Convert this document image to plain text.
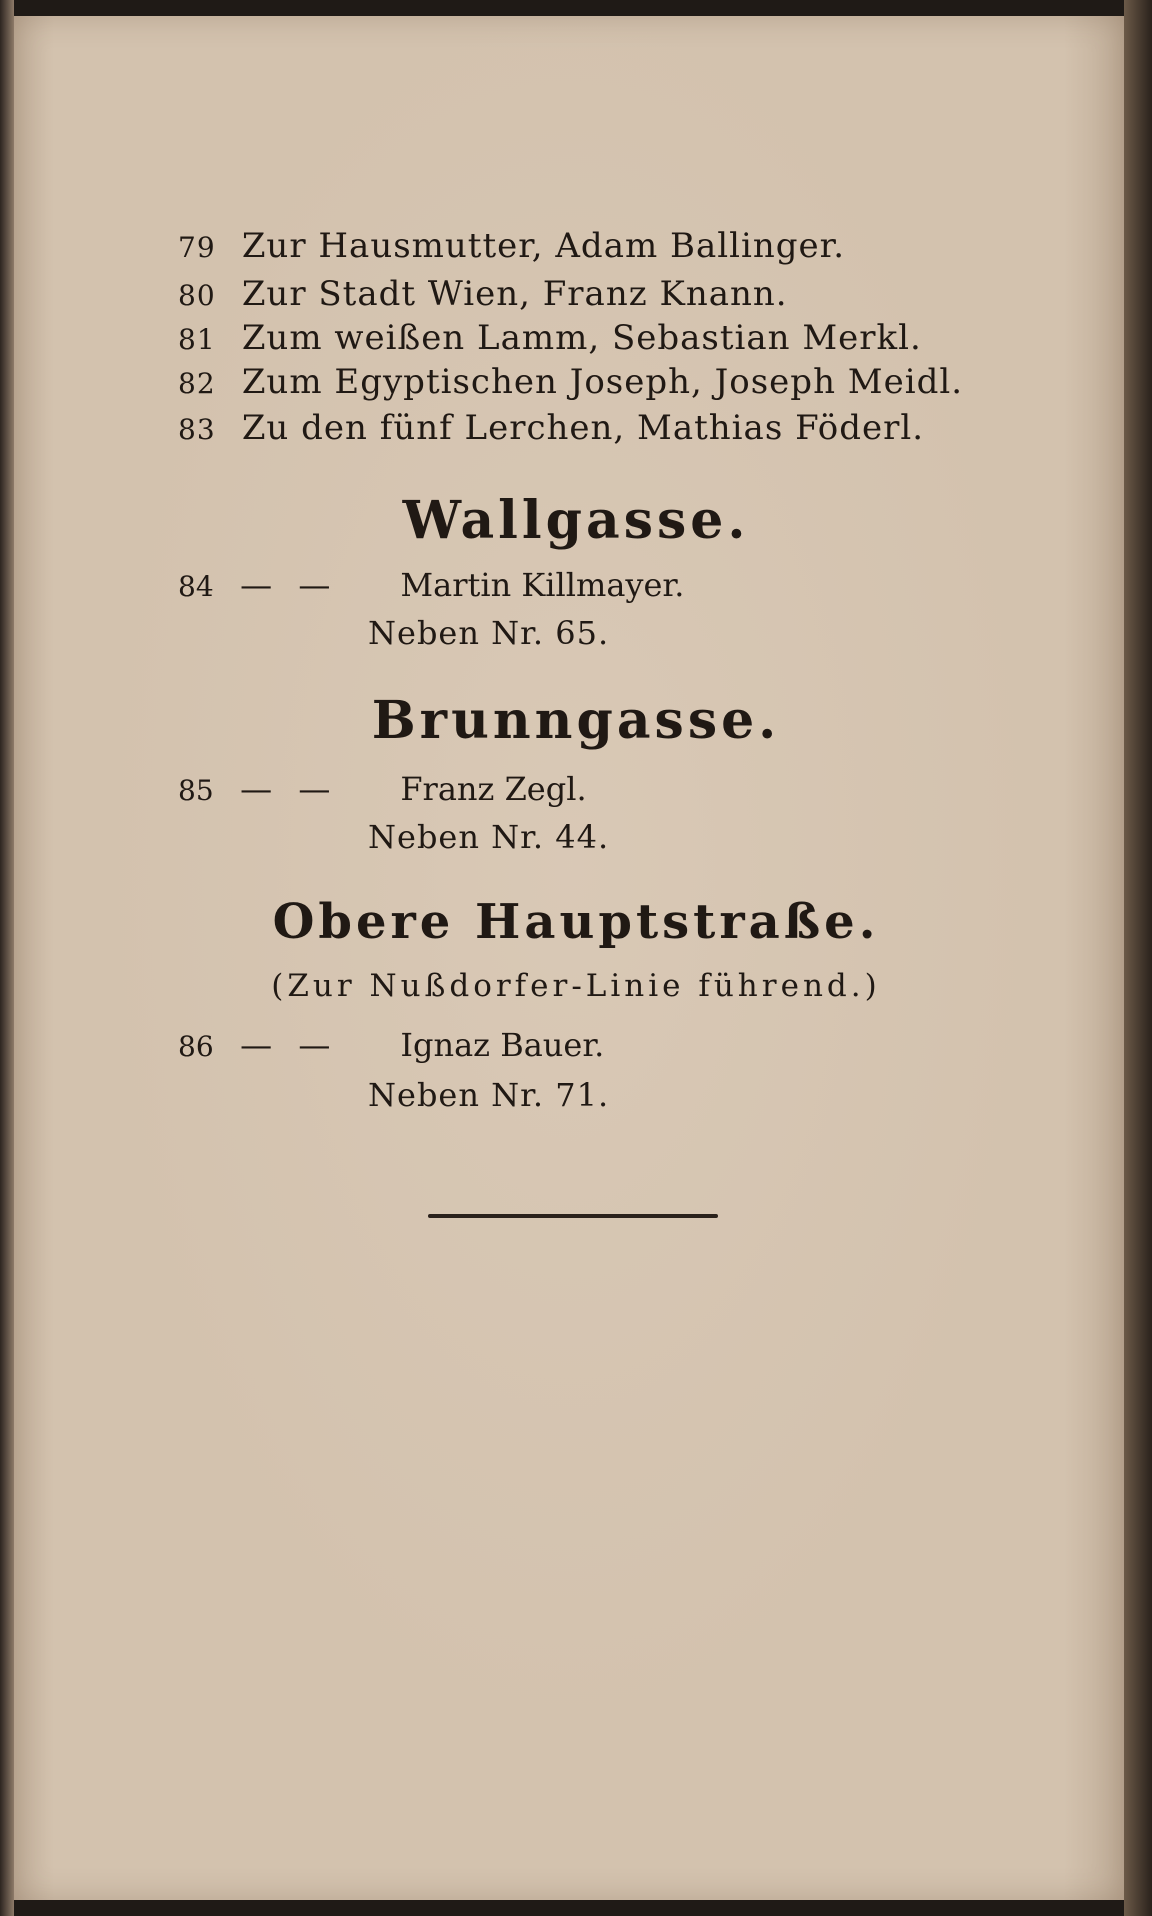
79 Zur Hausmutter, Adam Ballinger.
80 Zur Stadt Wien, Franz Knann.
81 Zum weißen Lamm, Sebastian Merkl.
82 Zum Egyptischen Joseph, Joseph Meidl.
83 Zu den fünf Lerchen, Mathias Föderl.
Wallgasse.
84 — — Martin Killmayer.
Neben Nr. 65.
Brunngasse.
85 — — Franz Zegl.
Neben Nr. 44.
Obere Hauptstraße.
(Zur Nußdorfer-Linie führend.)
86 — — Ignaz Bauer.
Neben Nr. 71.
